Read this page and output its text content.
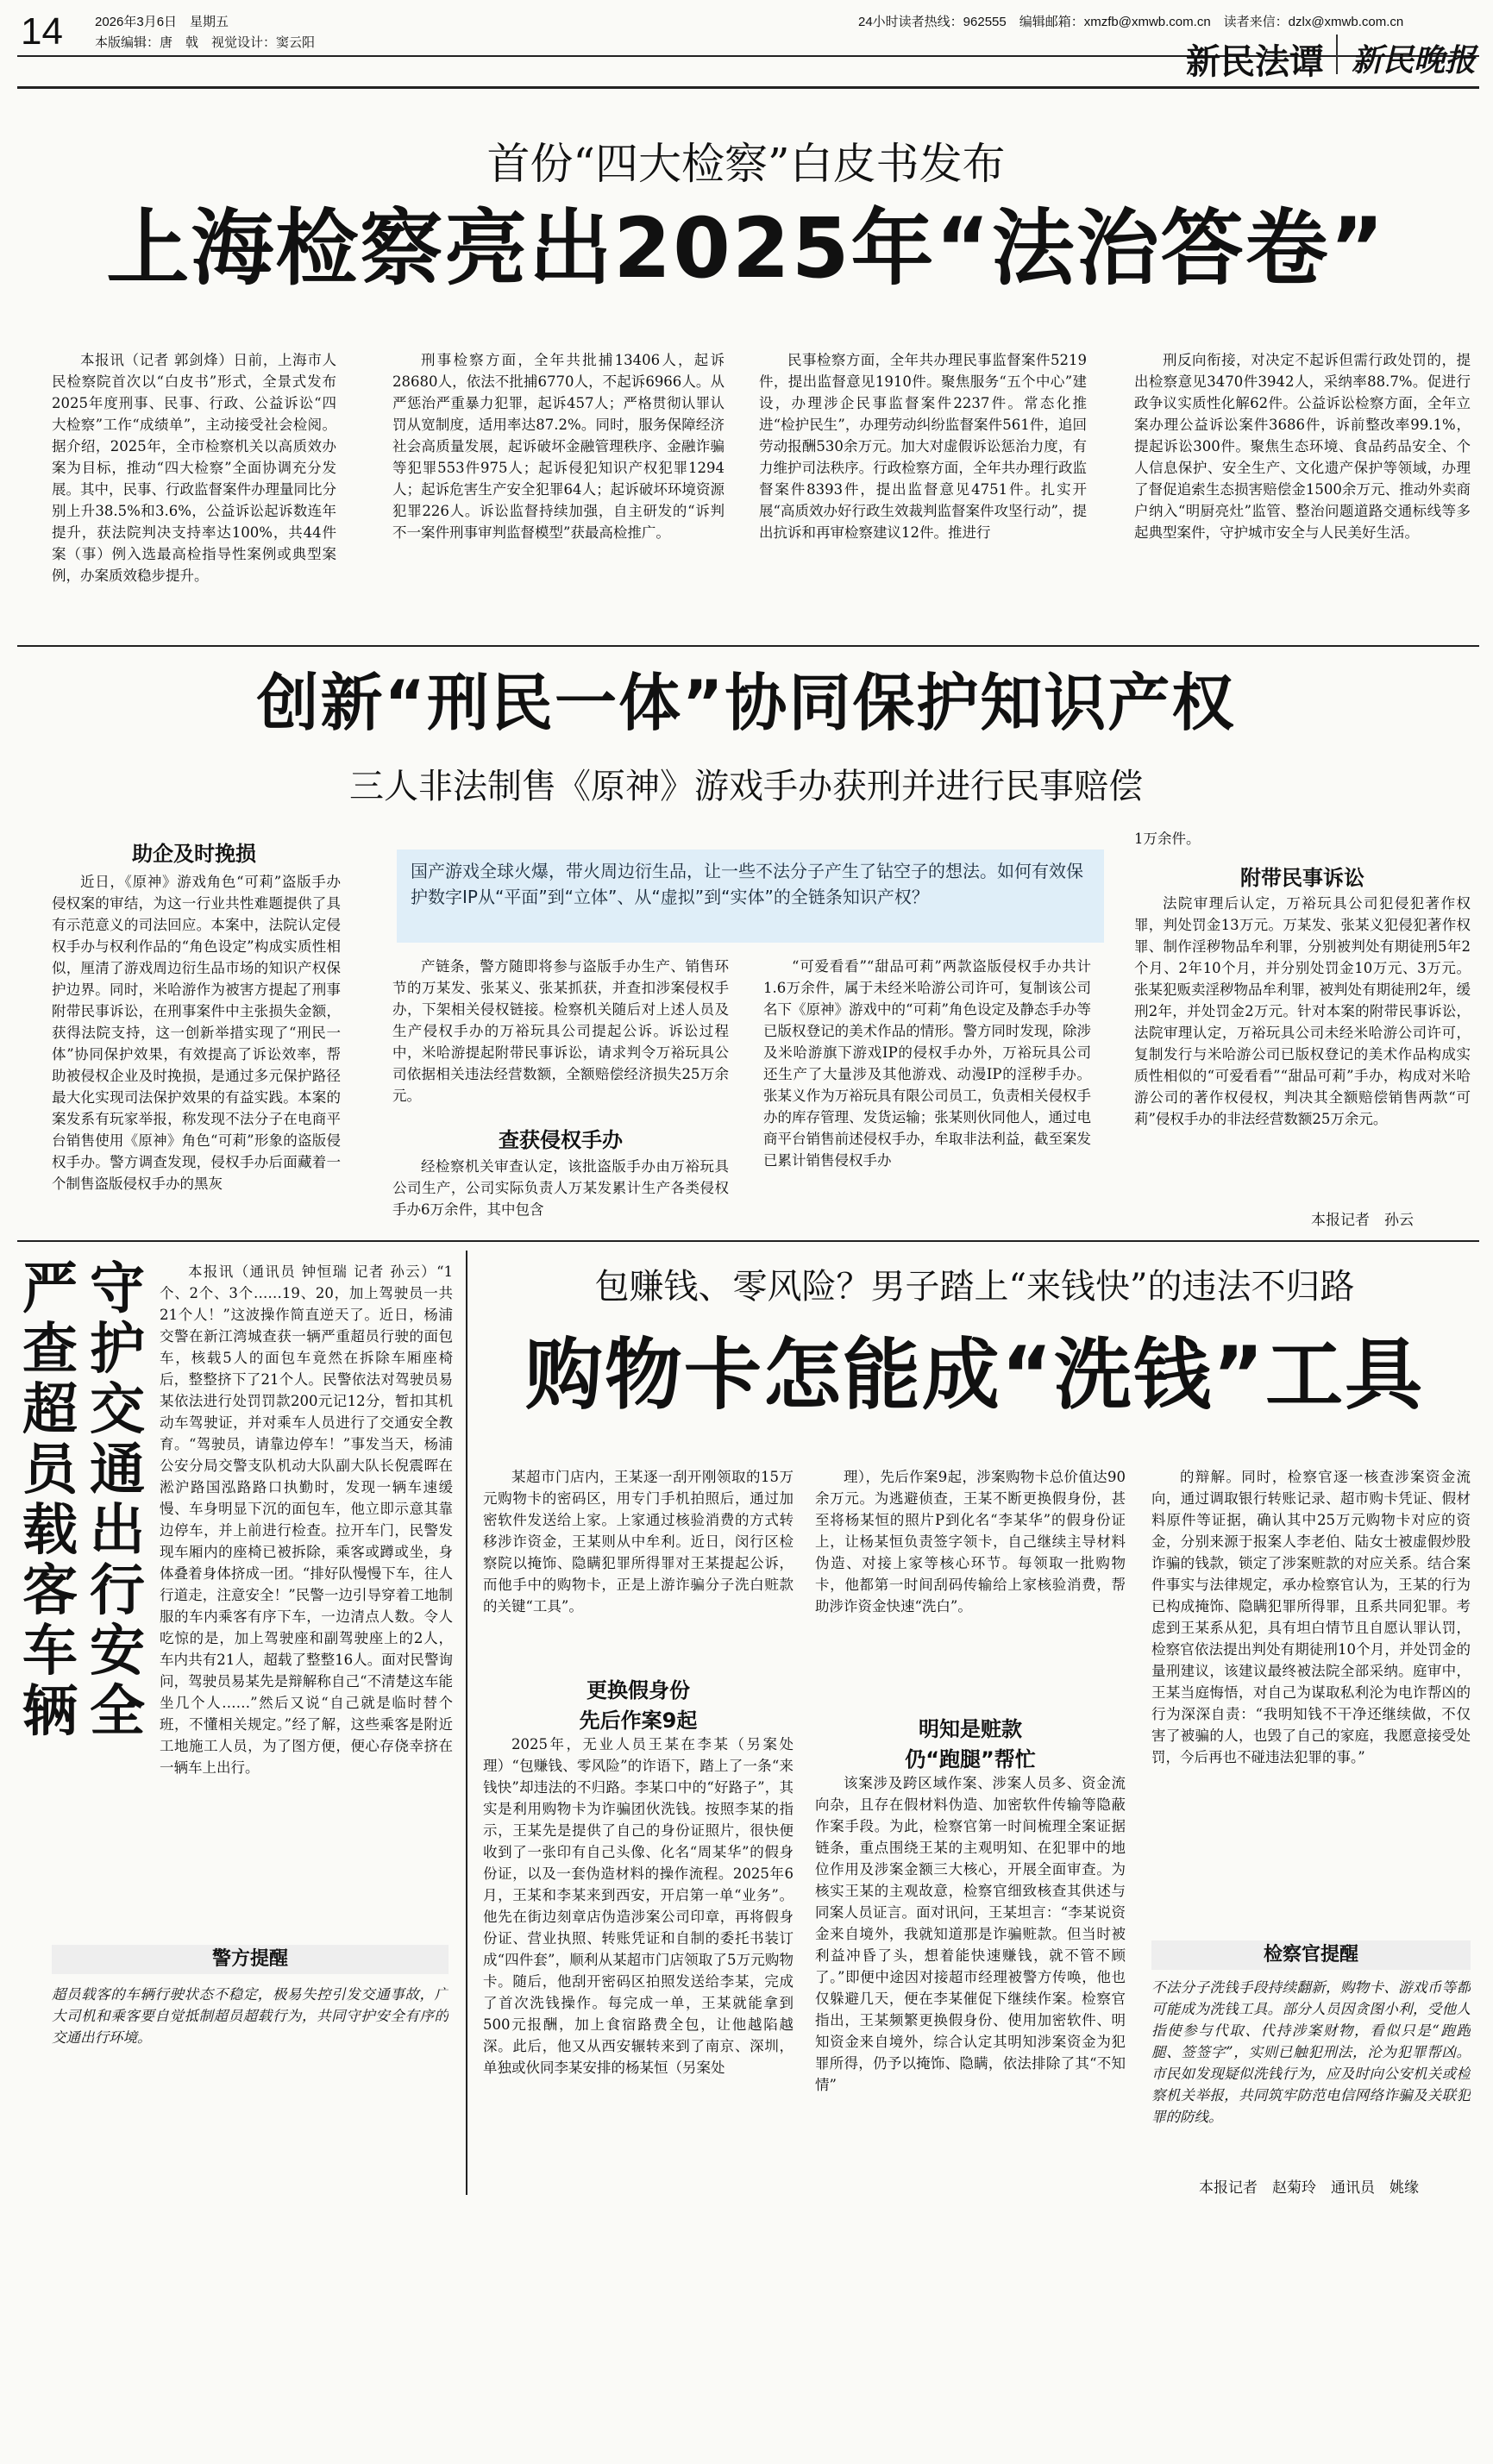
14 2026年3月6日　星期五
本版编辑：唐　戟　视觉设计：窦云阳
24小时读者热线：962555　编辑邮箱：xmzfb@xmwb.com.cn　读者来信：dzlx@xmwb.com.cn
新民法谭 新民晚报
首份“四大检察”白皮书发布
上海检察亮出2025年“法治答卷”

本报讯（记者 郭剑烽）日前，上海市人民检察院首次以“白皮书”形式，全景式发布2025年度刑事、民事、行政、公益诉讼“四大检察”工作“成绩单”，主动接受社会检阅。据介绍，2025年，全市检察机关以高质效办案为目标，推动“四大检察”全面协调充分发展。其中，民事、行政监督案件办理量同比分别上升38.5%和3.6%，公益诉讼起诉数连年提升，获法院判决支持率达100%，共44件案（事）例入选最高检指导性案例或典型案例，办案质效稳步提升。

刑事检察方面，全年共批捕13406人，起诉28680人，依法不批捕6770人，不起诉6966人。从严惩治严重暴力犯罪，起诉457人；严格贯彻认罪认罚从宽制度，适用率达87.2%。同时，服务保障经济社会高质量发展，起诉破坏金融管理秩序、金融诈骗等犯罪553件975人；起诉侵犯知识产权犯罪1294人；起诉危害生产安全犯罪64人；起诉破坏环境资源犯罪226人。诉讼监督持续加强，自主研发的“诉判不一案件刑事审判监督模型”获最高检推广。

民事检察方面，全年共办理民事监督案件5219件，提出监督意见1910件。聚焦服务“五个中心”建设，办理涉企民事监督案件2237件。常态化推进“检护民生”，办理劳动纠纷监督案件561件，追回劳动报酬530余万元。加大对虚假诉讼惩治力度，有力维护司法秩序。行政检察方面，全年共办理行政监督案件8393件，提出监督意见4751件。扎实开展“高质效办好行政生效裁判监督案件攻坚行动”，提出抗诉和再审检察建议12件。推进行

刑反向衔接，对决定不起诉但需行政处罚的，提出检察意见3470件3942人，采纳率88.7%。促进行政争议实质性化解62件。公益诉讼检察方面，全年立案办理公益诉讼案件3686件，诉前整改率99.1%，提起诉讼300件。聚焦生态环境、食品药品安全、个人信息保护、安全生产、文化遗产保护等领域，办理了督促追索生态损害赔偿金1500余万元、推动外卖商户纳入“明厨亮灶”监管、整治问题道路交通标线等多起典型案件，守护城市安全与人民美好生活。

创新“刑民一体”协同保护知识产权
三人非法制售《原神》游戏手办获刑并进行民事赔偿
助企及时挽损

近日，《原神》游戏角色“可莉”盗版手办侵权案的审结，为这一行业共性难题提供了具有示范意义的司法回应。本案中，法院认定侵权手办与权利作品的“角色设定”构成实质性相似，厘清了游戏周边衍生品市场的知识产权保护边界。同时，米哈游作为被害方提起了刑事附带民事诉讼，在刑事案件中主张损失金额，获得法院支持，这一创新举措实现了“刑民一体”协同保护效果，有效提高了诉讼效率，帮助被侵权企业及时挽损，是通过多元保护路径最大化实现司法保护效果的有益实践。本案的案发系有玩家举报，称发现不法分子在电商平台销售使用《原神》角色“可莉”形象的盗版侵权手办。警方调查发现，侵权手办后面藏着一个制售盗版侵权手办的黑灰

国产游戏全球火爆，带火周边衍生品，让一些不法分子产生了钻空子的想法。如何有效保护数字IP从“平面”到“立体”、从“虚拟”到“实体”的全链条知识产权？

产链条，警方随即将参与盗版手办生产、销售环节的万某发、张某义、张某抓获，并查扣涉案侵权手办，下架相关侵权链接。检察机关随后对上述人员及生产侵权手办的万裕玩具公司提起公诉。诉讼过程中，米哈游提起附带民事诉讼，请求判令万裕玩具公司依据相关违法经营数额，全额赔偿经济损失25万余元。

查获侵权手办

经检察机关审查认定，该批盗版手办由万裕玩具公司生产，公司实际负责人万某发累计生产各类侵权手办6万余件，其中包含

“可爱看看”“甜品可莉”两款盗版侵权手办共计1.6万余件，属于未经米哈游公司许可，复制该公司名下《原神》游戏中的“可莉”角色设定及静态手办等已版权登记的美术作品的情形。警方同时发现，除涉及米哈游旗下游戏IP的侵权手办外，万裕玩具公司还生产了大量涉及其他游戏、动漫IP的淫秽手办。张某义作为万裕玩具有限公司员工，负责相关侵权手办的库存管理、发货运输；张某则伙同他人，通过电商平台销售前述侵权手办，牟取非法利益，截至案发已累计销售侵权手办

1万余件。
附带民事诉讼

法院审理后认定，万裕玩具公司犯侵犯著作权罪，判处罚金13万元。万某发、张某义犯侵犯著作权罪、制作淫秽物品牟利罪，分别被判处有期徒刑5年2个月、2年10个月，并分别处罚金10万元、3万元。张某犯贩卖淫秽物品牟利罪，被判处有期徒刑2年，缓刑2年，并处罚金2万元。针对本案的附带民事诉讼，法院审理认定，万裕玩具公司未经米哈游公司许可，复制发行与米哈游公司已版权登记的美术作品构成实质性相似的“可爱看看”“甜品可莉”手办，构成对米哈游公司的著作权侵权，判决其全额赔偿销售两款“可莉”侵权手办的非法经营数额25万余元。

本报记者　孙云
守护交通出行安全
严查超员载客车辆

本报讯（通讯员 钟恒瑞 记者 孙云）“1个、2个、3个……19、20，加上驾驶员一共21个人！”这波操作简直逆天了。近日，杨浦交警在新江湾城查获一辆严重超员行驶的面包车，核载5人的面包车竟然在拆除车厢座椅后，整整挤下了21个人。民警依法对驾驶员易某依法进行处罚罚款200元记12分，暂扣其机动车驾驶证，并对乘车人员进行了交通安全教育。“驾驶员，请靠边停车！”事发当天，杨浦公安分局交警支队机动大队副大队长倪震晖在淞沪路国泓路路口执勤时，发现一辆车速缓慢、车身明显下沉的面包车，他立即示意其靠边停车，并上前进行检查。拉开车门，民警发现车厢内的座椅已被拆除，乘客或蹲或坐，身体叠着身体挤成一团。“排好队慢慢下车，往人行道走，注意安全！”民警一边引导穿着工地制服的车内乘客有序下车，一边清点人数。令人吃惊的是，加上驾驶座和副驾驶座上的2人，车内共有21人，超载了整整16人。面对民警询问，驾驶员易某先是辩解称自己“不清楚这车能坐几个人……”然后又说“自己就是临时替个班，不懂相关规定。”经了解，这些乘客是附近工地施工人员，为了图方便，便心存侥幸挤在一辆车上出行。

警方提醒
超员载客的车辆行驶状态不稳定，极易失控引发交通事故，广大司机和乘客要自觉抵制超员超载行为，共同守护安全有序的交通出行环境。
包赚钱、零风险？男子踏上“来钱快”的违法不归路
购物卡怎能成“洗钱”工具

某超市门店内，王某逐一刮开刚领取的15万元购物卡的密码区，用专门手机拍照后，通过加密软件发送给上家。上家通过核验消费的方式转移涉诈资金，王某则从中牟利。近日，闵行区检察院以掩饰、隐瞒犯罪所得罪对王某提起公诉，而他手中的购物卡，正是上游诈骗分子洗白赃款的关键“工具”。

更换假身份
先后作案9起

2025年，无业人员王某在李某（另案处理）“包赚钱、零风险”的诈语下，踏上了一条“来钱快”却违法的不归路。李某口中的“好路子”，其实是利用购物卡为诈骗团伙洗钱。按照李某的指示，王某先是提供了自己的身份证照片，很快便收到了一张印有自己头像、化名“周某华”的假身份证，以及一套伪造材料的操作流程。2025年6月，王某和李某来到西安，开启第一单“业务”。他先在街边刻章店伪造涉案公司印章，再将假身份证、营业执照、转账凭证和自制的委托书装订成“四件套”，顺利从某超市门店领取了5万元购物卡。随后，他刮开密码区拍照发送给李某，完成了首次洗钱操作。每完成一单，王某就能拿到500元报酬，加上食宿路费全包，让他越陷越深。此后，他又从西安辗转来到了南京、深圳，单独或伙同李某安排的杨某恒（另案处

理），先后作案9起，涉案购物卡总价值达90余万元。为逃避侦查，王某不断更换假身份，甚至将杨某恒的照片P到化名“李某华”的假身份证上，让杨某恒负责签字领卡，自己继续主导材料伪造、对接上家等核心环节。每领取一批购物卡，他都第一时间刮码传输给上家核验消费，帮助涉诈资金快速“洗白”。

明知是赃款
仍“跑腿”帮忙

该案涉及跨区域作案、涉案人员多、资金流向杂，且存在假材料伪造、加密软件传输等隐蔽作案手段。为此，检察官第一时间梳理全案证据链条，重点围绕王某的主观明知、在犯罪中的地位作用及涉案金额三大核心，开展全面审查。为核实王某的主观故意，检察官细致核查其供述与同案人员证言。面对讯问，王某坦言：“李某说资金来自境外，我就知道那是诈骗赃款。但当时被利益冲昏了头，想着能快速赚钱，就不管不顾了。”即便中途因对接超市经理被警方传唤，他也仅躲避几天，便在李某催促下继续作案。检察官指出，王某频繁更换假身份、使用加密软件、明知资金来自境外，综合认定其明知涉案资金为犯罪所得，仍予以掩饰、隐瞒，依法排除了其“不知情”

的辩解。同时，检察官逐一核查涉案资金流向，通过调取银行转账记录、超市购卡凭证、假材料原件等证据，确认其中25万元购物卡对应的资金，分别来源于报案人李老伯、陆女士被虚假炒股诈骗的钱款，锁定了涉案赃款的对应关系。结合案件事实与法律规定，承办检察官认为，王某的行为已构成掩饰、隐瞒犯罪所得罪，且系共同犯罪。考虑到王某系从犯，具有坦白情节且自愿认罪认罚，检察官依法提出判处有期徒刑10个月，并处罚金的量刑建议，该建议最终被法院全部采纳。庭审中，王某当庭悔悟，对自己为谋取私利沦为电诈帮凶的行为深深自责：“我明知钱不干净还继续做，不仅害了被骗的人，也毁了自己的家庭，我愿意接受处罚，今后再也不碰违法犯罪的事。”

检察官提醒
不法分子洗钱手段持续翻新，购物卡、游戏币等都可能成为洗钱工具。部分人员因贪图小利，受他人指使参与代取、代持涉案财物，看似只是“跑跑腿、签签字”，实则已触犯刑法，沦为犯罪帮凶。市民如发现疑似洗钱行为，应及时向公安机关或检察机关举报，共同筑牢防范电信网络诈骗及关联犯罪的防线。
本报记者　赵菊玲　通讯员　姚缘
